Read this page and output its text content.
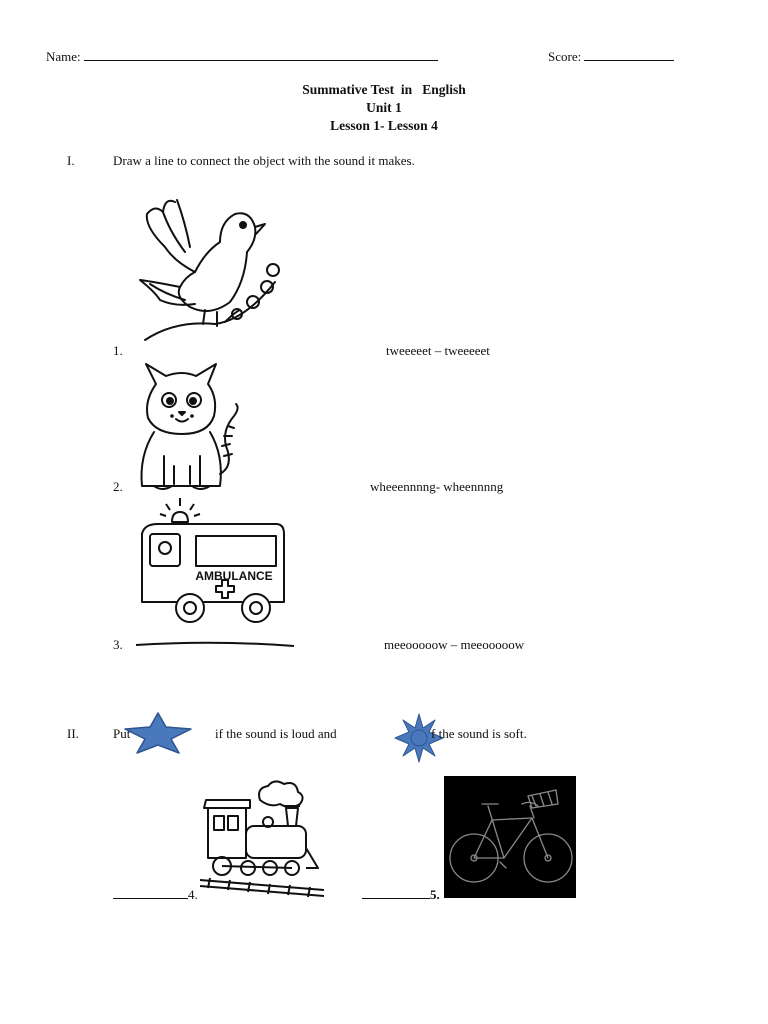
Name:	Score:
Summative Test  in   English
Unit 1
Lesson 1- Lesson 4
I.	Draw a line to connect the object with the sound it makes.
1.	tweeeeet – tweeeeet
2.	wheeennnng- wheennnng
AMBULANCE
3.	meeooooow – meeooooow
II.	Put	if the sound is loud and	f the sound is soft.
4.	5.
